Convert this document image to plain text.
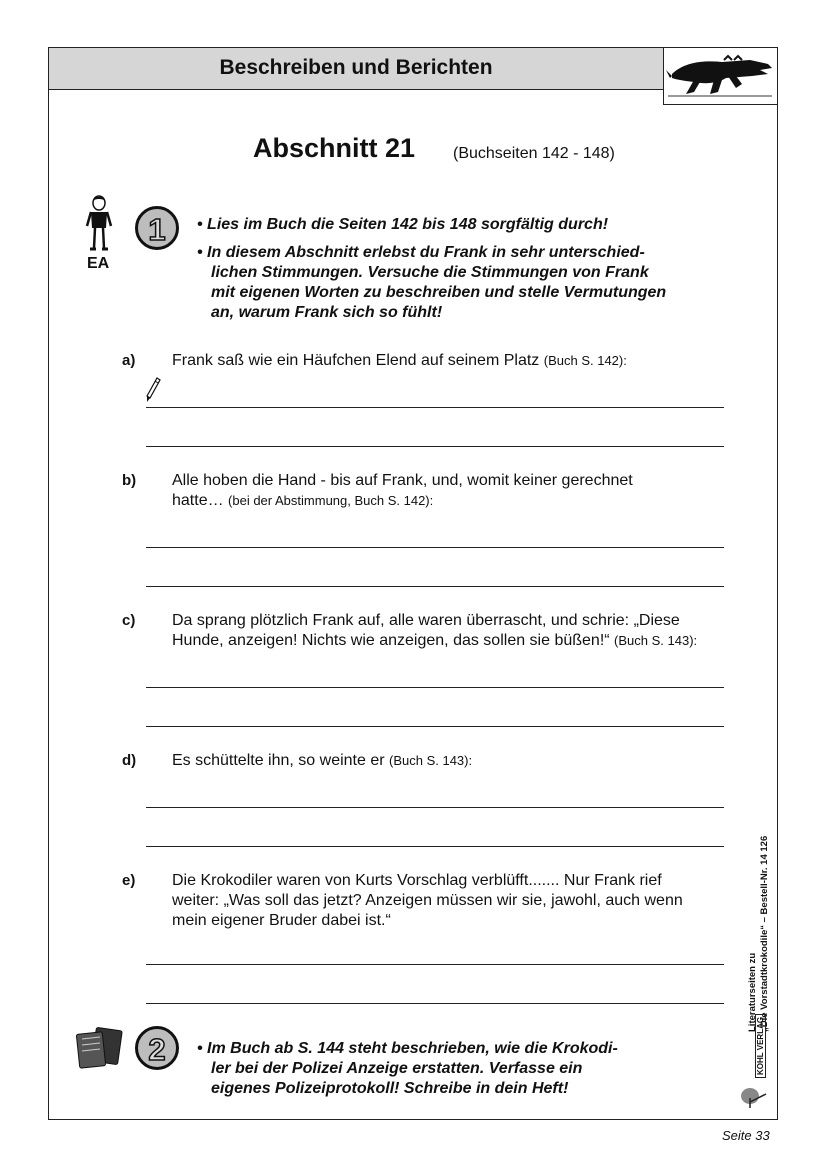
Beschreiben und Berichten
Abschnitt 21 (Buchseiten 142 - 148)
EA
1	• Lies im Buch die Seiten 142 bis 148 sorgfältig durch!
• In diesem Abschnitt erlebst du Frank in sehr unterschied-
lichen Stimmungen. Versuche die Stimmungen von Frank
mit eigenen Worten zu beschreiben und stelle Vermutungen
an, warum Frank sich so fühlt!
a) Frank saß wie ein Häufchen Elend auf seinem Platz (Buch S. 142):
b) Alle hoben die Hand - bis auf Frank, und, womit keiner gerechnet hatte… (bei der Abstimmung, Buch S. 142):
c) Da sprang plötzlich Frank auf, alle waren überrascht, und schrie: „Diese Hunde, anzeigen! Nichts wie anzeigen, das sollen sie büßen!“ (Buch S. 143):
d) Es schüttelte ihn, so weinte er (Buch S. 143):
e) Die Krokodiler waren von Kurts Vorschlag verblüfft....... Nur Frank rief weiter: „Was soll das jetzt? Anzeigen müssen wir sie, jawohl, auch wenn mein eigener Bruder dabei ist.“
2	• Im Buch ab S. 144 steht beschrieben, wie die Krokodi-
ler bei der Polizei Anzeige erstatten. Verfasse ein
eigenes Polizeiprotokoll! Schreibe in dein Heft!
Literaturseiten zu „Die Vorstadtkrokodile“ – Bestell-Nr. 14 126
KOHL VERLAG
Seite 33
